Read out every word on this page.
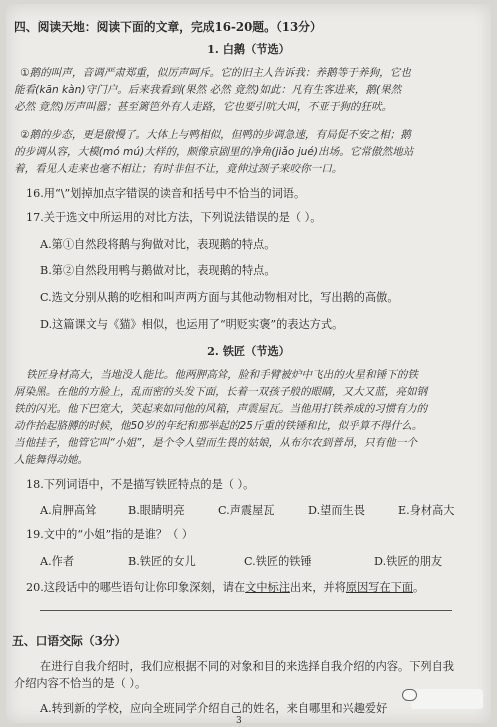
四、阅读天地：阅读下面的文章，完成16-20题。（13分）
1. 白鹅（节选）
①鹅的叫声，音调严肃郑重，似厉声呵斥。它的旧主人告诉我：养鹅等于养狗，它也
能看(kān kàn)守门户。后来我看到(果然 必然 竟然)如此：凡有生客进来，鹅(果然
必然 竟然)厉声叫嚣；甚至篱笆外有人走路，它也要引吭大叫，不亚于狗的狂吠。
②鹅的步态，更是傲慢了。大体上与鸭相似，但鸭的步调急速，有局促不安之相；鹅
的步调从容，大模(mó mú)大样的，颇像京剧里的净角(jiǎo jué)出场。它常傲然地站
着，看见人走来也毫不相让；有时非但不让，竟伸过颈子来咬你一口。
16.用“\”划掉加点字错误的读音和括号中不恰当的词语。
17.关于选文中所运用的对比方法，下列说法错误的是（ ）。
A.第①自然段将鹅与狗做对比，表现鹅的特点。
B.第②自然段用鸭与鹅做对比，表现鹅的特点。
C.选文分别从鹅的吃相和叫声两方面与其他动物相对比，写出鹅的高傲。
D.这篇课文与《猫》相似，也运用了“明贬实褒”的表达方式。
2. 铁匠（节选）
铁匠身材高大，当地没人能比。他两胛高耸，脸和手臂被炉中飞出的火星和锤下的铁
屑染黑。在他的方脸上，乱而密的头发下面，长着一双孩子般的眼睛，又大又蓝，亮如钢
铁的闪光。他下巴宽大，笑起来如同他的风箱，声震屋瓦。当他用打铁养成的习惯有力的
动作抬起胳膊的时候，他50岁的年纪和那举起的25斤重的铁锤和比，似乎算不得什么。
当他挂子，他管它叫“小姐”，是个令人望而生畏的姑娘，从布尔农到普昂，只有他一个
人能舞得动她。
18.下列词语中，不是描写铁匠特点的是（ ）。
A.肩胛高耸	B.眼睛明亮	C.声震屋瓦	D.望而生畏	E.身材高大
19.文中的“小姐”指的是谁？（ ）
A.作者	B.铁匠的女儿	C.铁匠的铁锤	D.铁匠的朋友
20.这段话中的哪些语句让你印象深刻，请在文中标注出来，并将原因写在下面。
五、口语交际（3分）
在进行自我介绍时，我们应根据不同的对象和目的来选择自我介绍的内容。下列自我
介绍内容不恰当的是（ ）。
A.转到新的学校，应向全班同学介绍自己的姓名，来自哪里和兴趣爱好
3
